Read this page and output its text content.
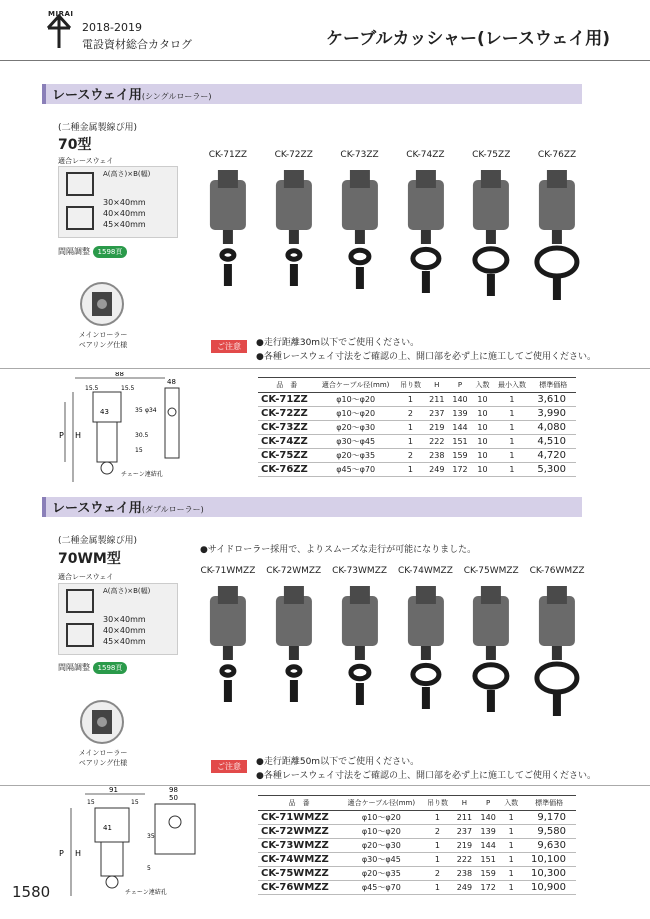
MIRAI
2018-2019
電設資材総合カタログ	ケーブルカッシャー(レースウェイ用)
レースウェイ用(シングルローラー)
(二種金属製線ぴ用)
70型
適合レースウェイ
A(高さ)×B(幅)
30×40mm
40×40mm
45×40mm
間隔調整 1598頁
メインローラー
ベアリング仕様
CK-71ZZ	CK-72ZZ	CK-73ZZ	CK-74ZZ	CK-75ZZ	CK-76ZZ
ご注意	●走行距離30m以下でご使用ください。
●各種レースウェイ寸法をご確認の上、開口部を必ず上に施工してご使用ください。
88
15.5	15.5
48
43	35 φ34
30.5
15
P H
チェーン連結孔
品　番	適合ケーブル径(mm)	吊り数	H	P	入数	最小入数	標準価格
CK-71ZZ	φ10〜φ20	1	211	140	10	1	3,610
CK-72ZZ	φ10〜φ20	2	237	139	10	1	3,990
CK-73ZZ	φ20〜φ30	1	219	144	10	1	4,080
CK-74ZZ	φ30〜φ45	1	222	151	10	1	4,510
CK-75ZZ	φ20〜φ35	2	238	159	10	1	4,720
CK-76ZZ	φ45〜φ70	1	249	172	10	1	5,300
レースウェイ用(ダブルローラー)
(二種金属製線ぴ用)
70WM型
●サイドローラー採用で、よりスムーズな走行が可能になりました。
適合レースウェイ
A(高さ)×B(幅)
30×40mm
40×40mm
45×40mm
間隔調整 1598頁
メインローラー
ベアリング仕様
CK-71WMZZ	CK-72WMZZ	CK-73WMZZ	CK-74WMZZ	CK-75WMZZ	CK-76WMZZ
ご注意	●走行距離50m以下でご使用ください。
●各種レースウェイ寸法をご確認の上、開口部を必ず上に施工してご使用ください。
91
15	15
98
50
41
35
5
P H
チェーン連結孔
品　番	適合ケーブル径(mm)	吊り数	H	P	入数	標準価格
CK-71WMZZ	φ10〜φ20	1	211	140	1	9,170
CK-72WMZZ	φ10〜φ20	2	237	139	1	9,580
CK-73WMZZ	φ20〜φ30	1	219	144	1	9,630
CK-74WMZZ	φ30〜φ45	1	222	151	1	10,100
CK-75WMZZ	φ20〜φ35	2	238	159	1	10,300
CK-76WMZZ	φ45〜φ70	1	249	172	1	10,900
1580
